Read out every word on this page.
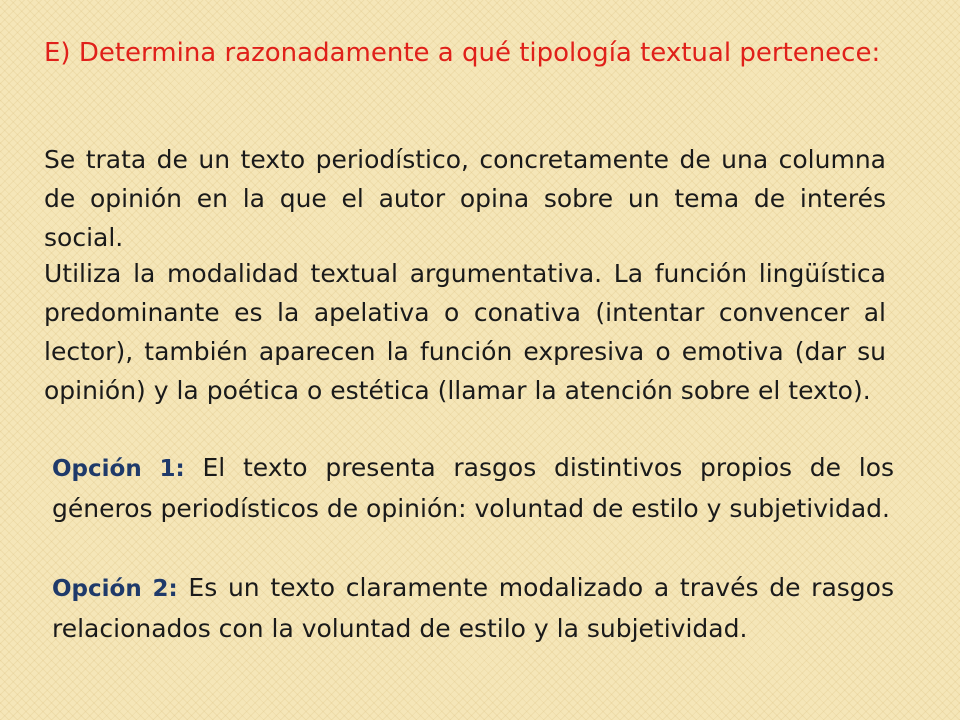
E) Determina razonadamente a qué tipología textual pertenece:

Se trata de un texto periodístico, concretamente de una columna de opinión en la que el autor opina sobre un tema de interés social.

Utiliza la modalidad textual argumentativa. La función lingüística predominante es la apelativa o conativa (intentar convencer al lector), también aparecen la función expresiva o emotiva (dar su opinión) y la poética o estética (llamar la atención sobre el texto).

Opción 1: El texto presenta rasgos distintivos propios de los géneros periodísticos de opinión: voluntad de estilo y subjetividad.

Opción 2: Es un texto claramente modalizado a través de rasgos relacionados con la voluntad de estilo y la subjetividad.
